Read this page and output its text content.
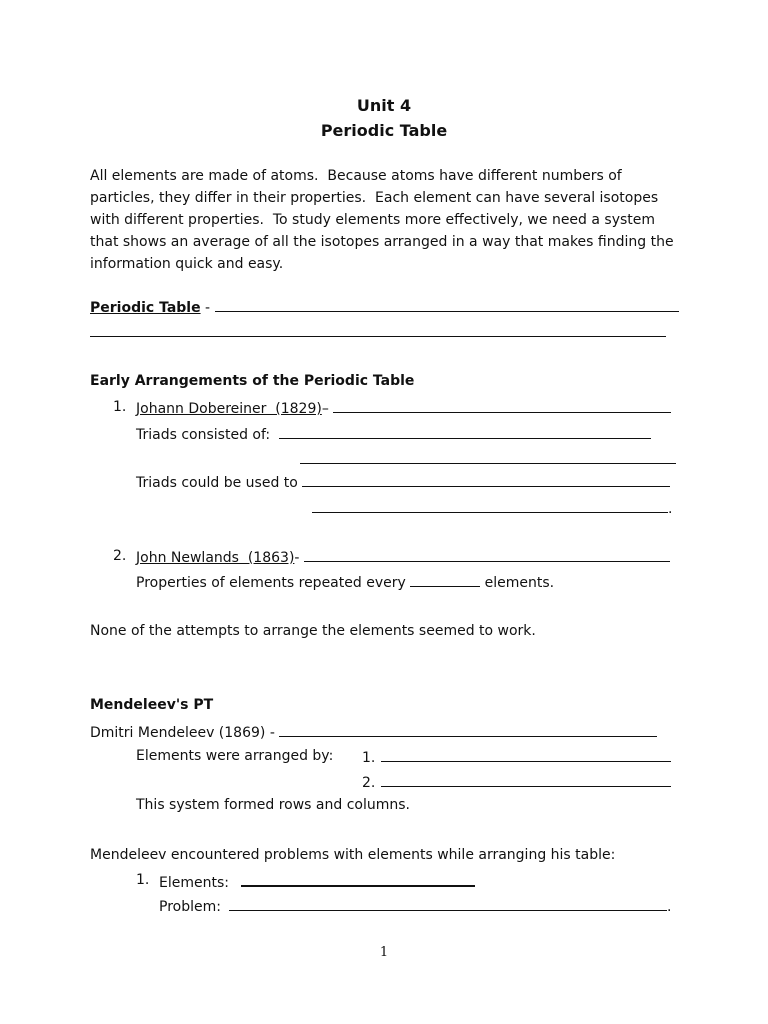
Unit 4
Periodic Table
All elements are made of atoms.  Because atoms have different numbers of
particles, they differ in their properties.  Each element can have several isotopes
with different properties.  To study elements more effectively, we need a system
that shows an average of all the isotopes arranged in a way that makes finding the
information quick and easy.
Periodic Table -
Early Arrangements of the Periodic Table
1. Johann Dobereiner  (1829)–
Triads consisted of:
Triads could be used to
.
2. John Newlands  (1863)-
Properties of elements repeated every	elements.
None of the attempts to arrange the elements seemed to work.
Mendeleev's PT
Dmitri Mendeleev (1869) -
Elements were arranged by: 1.
2.
This system formed rows and columns.
Mendeleev encountered problems with elements while arranging his table:
1. Elements:
Problem:	.
1
